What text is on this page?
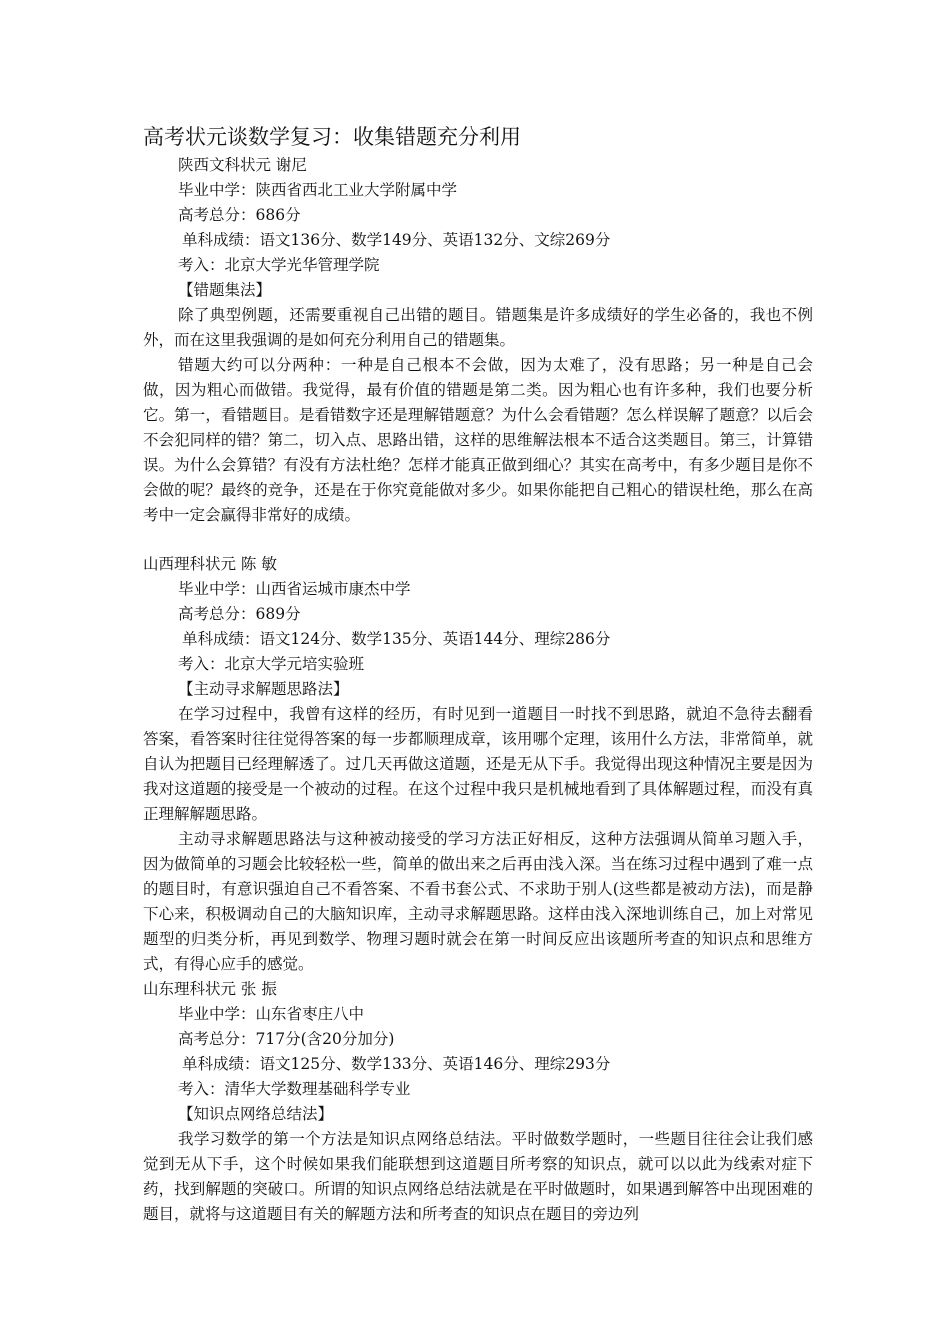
高考状元谈数学复习：收集错题充分利用
陕西文科状元 谢尼
毕业中学：陕西省西北工业大学附属中学
高考总分：686分
单科成绩：语文136分、数学149分、英语132分、文综269分
考入：北京大学光华管理学院
【错题集法】

除了典型例题，还需要重视自己出错的题目。错题集是许多成绩好的学生必备的，我也不例外，而在这里我强调的是如何充分利用自己的错题集。

错题大约可以分两种：一种是自己根本不会做，因为太难了，没有思路；另一种是自己会做，因为粗心而做错。我觉得，最有价值的错题是第二类。因为粗心也有许多种，我们也要分析它。第一，看错题目。是看错数字还是理解错题意？为什么会看错题？怎么样误解了题意？以后会不会犯同样的错？第二，切入点、思路出错，这样的思维解法根本不适合这类题目。第三，计算错误。为什么会算错？有没有方法杜绝？怎样才能真正做到细心？其实在高考中，有多少题目是你不会做的呢？最终的竞争，还是在于你究竟能做对多少。如果你能把自己粗心的错误杜绝，那么在高考中一定会赢得非常好的成绩。

山西理科状元 陈 敏
毕业中学：山西省运城市康杰中学
高考总分：689分
单科成绩：语文124分、数学135分、英语144分、理综286分
考入：北京大学元培实验班
【主动寻求解题思路法】

在学习过程中，我曾有这样的经历，有时见到一道题目一时找不到思路，就迫不急待去翻看答案，看答案时往往觉得答案的每一步都顺理成章，该用哪个定理，该用什么方法，非常简单，就自认为把题目已经理解透了。过几天再做这道题，还是无从下手。我觉得出现这种情况主要是因为我对这道题的接受是一个被动的过程。在这个过程中我只是机械地看到了具体解题过程，而没有真正理解解题思路。

主动寻求解题思路法与这种被动接受的学习方法正好相反，这种方法强调从简单习题入手，因为做简单的习题会比较轻松一些，简单的做出来之后再由浅入深。当在练习过程中遇到了难一点的题目时，有意识强迫自己不看答案、不看书套公式、不求助于别人(这些都是被动方法)，而是静下心来，积极调动自己的大脑知识库，主动寻求解题思路。这样由浅入深地训练自己，加上对常见题型的归类分析，再见到数学、物理习题时就会在第一时间反应出该题所考查的知识点和思维方式，有得心应手的感觉。

山东理科状元 张 振
毕业中学：山东省枣庄八中
高考总分：717分(含20分加分)
单科成绩：语文125分、数学133分、英语146分、理综293分
考入：清华大学数理基础科学专业
【知识点网络总结法】

我学习数学的第一个方法是知识点网络总结法。平时做数学题时，一些题目往往会让我们感觉到无从下手，这个时候如果我们能联想到这道题目所考察的知识点，就可以以此为线索对症下药，找到解题的突破口。所谓的知识点网络总结法就是在平时做题时，如果遇到解答中出现困难的题目，就将与这道题目有关的解题方法和所考查的知识点在题目的旁边列
